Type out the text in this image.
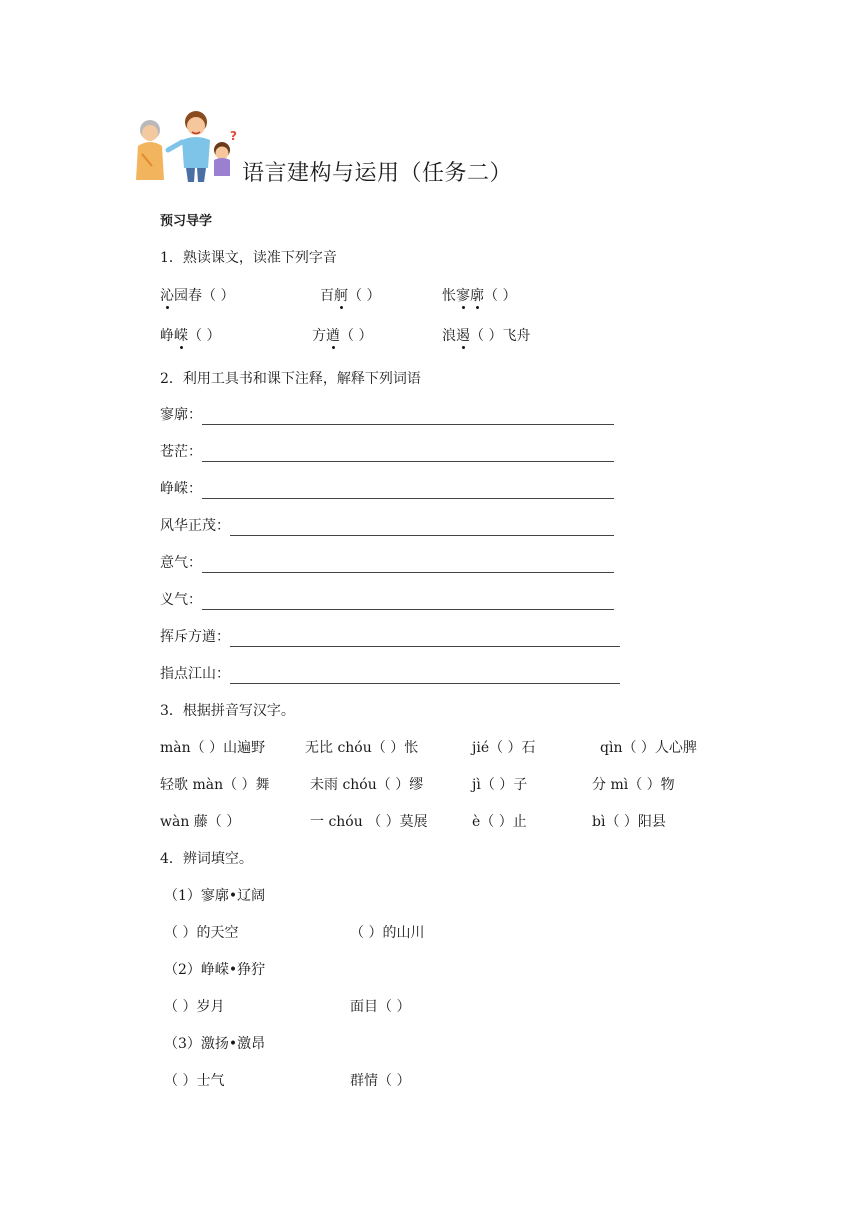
?
语言建构与运用（任务二）
预习导学
1．熟读课文，读准下列字音
沁园春（ ）	百舸（ ）	怅寥廓（ ）
峥嵘（ ）	方遒（ ）	浪遏（ ）飞舟
2．利用工具书和课下注释，解释下列词语
寥廓：
苍茫：
峥嵘：
风华正茂：
意气：
义气：
挥斥方遒：
指点江山：
3．根据拼音写汉字。
màn（ ）山遍野	无比 chóu（ ）怅	jié（ ）石	qìn（ ）人心脾
轻歌 màn（ ）舞	未雨 chóu（ ）缪	jì（ ）子	分 mì（ ）物
wàn 藤（ ）	一 chóu （ ）莫展	è（ ）止	bì（ ）阳县
4．辨词填空。
（1）寥廓•辽阔
（ ）的天空	（ ）的山川
（2）峥嵘•狰狞
（ ）岁月	面目（ ）
（3）激扬•激昂
（ ）士气	群情（ ）
